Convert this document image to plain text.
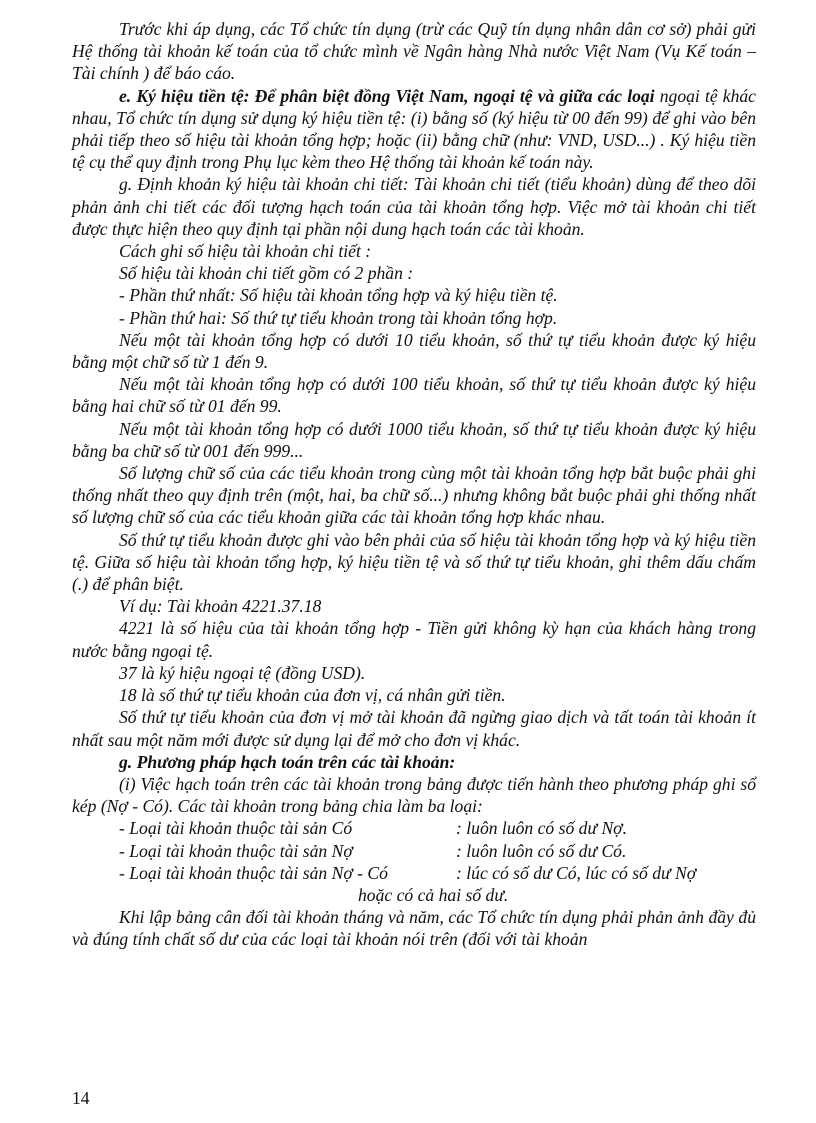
Trước khi áp dụng, các Tổ chức tín dụng (trừ các Quỹ tín dụng nhân dân cơ sở) phải gửi Hệ thống tài khoản kế toán của tổ chức mình về Ngân hàng Nhà nước Việt Nam (Vụ Kế toán – Tài chính ) để báo cáo.

e. Ký hiệu tiền tệ: Để phân biệt đồng Việt Nam, ngoại tệ và giữa các loại ngoại tệ khác nhau, Tổ chức tín dụng sử dụng ký hiệu tiền tệ: (i) bằng số (ký hiệu từ 00 đến 99) để ghi vào bên phải tiếp theo số hiệu tài khoản tổng hợp; hoặc (ii) bằng chữ (như: VND, USD...) . Ký hiệu tiền tệ cụ thể quy định trong Phụ lục kèm theo Hệ thống tài khoản kế toán này.

g. Định khoản ký hiệu tài khoản chi tiết: Tài khoản chi tiết (tiểu khoản) dùng để theo dõi phản ảnh chi tiết các đối tượng hạch toán của tài khoản tổng hợp. Việc mở tài khoản chi tiết được thực hiện theo quy định tại phần nội dung hạch toán các tài khoản.

Cách ghi số hiệu tài khoản chi tiết :

Số hiệu tài khoản chi tiết gồm có 2 phần :

- Phần thứ nhất: Số hiệu tài khoản tổng hợp và ký hiệu tiền tệ.

- Phần thứ hai: Số thứ tự tiểu khoản trong tài khoản tổng hợp.

Nếu một tài khoản tổng hợp có dưới 10 tiểu khoản, số thứ tự tiểu khoản được ký hiệu bằng một chữ số từ 1 đến 9.

Nếu một tài khoản tổng hợp có dưới 100 tiểu khoản, số thứ tự tiểu khoản được ký hiệu bằng hai chữ số từ 01 đến 99.

Nếu một tài khoản tổng hợp có dưới 1000 tiểu khoản, số thứ tự tiểu khoản được ký hiệu bằng ba chữ số từ 001 đến 999...

Số lượng chữ số của các tiểu khoản trong cùng một tài khoản tổng hợp bắt buộc phải ghi thống nhất theo quy định trên (một, hai, ba chữ số...) nhưng không bắt buộc phải ghi thống nhất số lượng chữ số của các tiểu khoản giữa các tài khoản tổng hợp khác nhau.

Số thứ tự tiểu khoản được ghi vào bên phải của số hiệu tài khoản tổng hợp và ký hiệu tiền tệ. Giữa số hiệu tài khoản tổng hợp, ký hiệu tiền tệ và số thứ tự tiểu khoản, ghi thêm dấu chấm (.) để phân biệt.

Ví dụ: Tài khoản 4221.37.18

4221 là số hiệu của tài khoản tổng hợp - Tiền gửi không kỳ hạn của khách hàng trong nước bằng ngoại tệ.

37 là ký hiệu ngoại tệ (đồng USD).

18 là số thứ tự tiểu khoản của đơn vị, cá nhân gửi tiền.

Số thứ tự tiểu khoản của đơn vị mở tài khoản đã ngừng giao dịch và tất toán tài khoản ít nhất sau một năm mới được sử dụng lại để mở cho đơn vị khác.

g. Phương pháp hạch toán trên các tài khoản:

(i) Việc hạch toán trên các tài khoản trong bảng được tiến hành theo phương pháp ghi sổ kép (Nợ - Có). Các tài khoản trong bảng chia làm ba loại:

- Loại tài khoản thuộc tài sản Có	: luôn luôn có số dư Nợ.
- Loại tài khoản thuộc tài sản Nợ	: luôn luôn có số dư Có.
- Loại tài khoản thuộc tài sản Nợ - Có	: lúc có số dư Có, lúc có số dư Nợ

hoặc có cả hai số dư.

Khi lập bảng cân đối tài khoản tháng và năm, các Tổ chức tín dụng phải phản ảnh đầy đủ và đúng tính chất số dư của các loại tài khoản nói trên (đối với tài khoản

14
